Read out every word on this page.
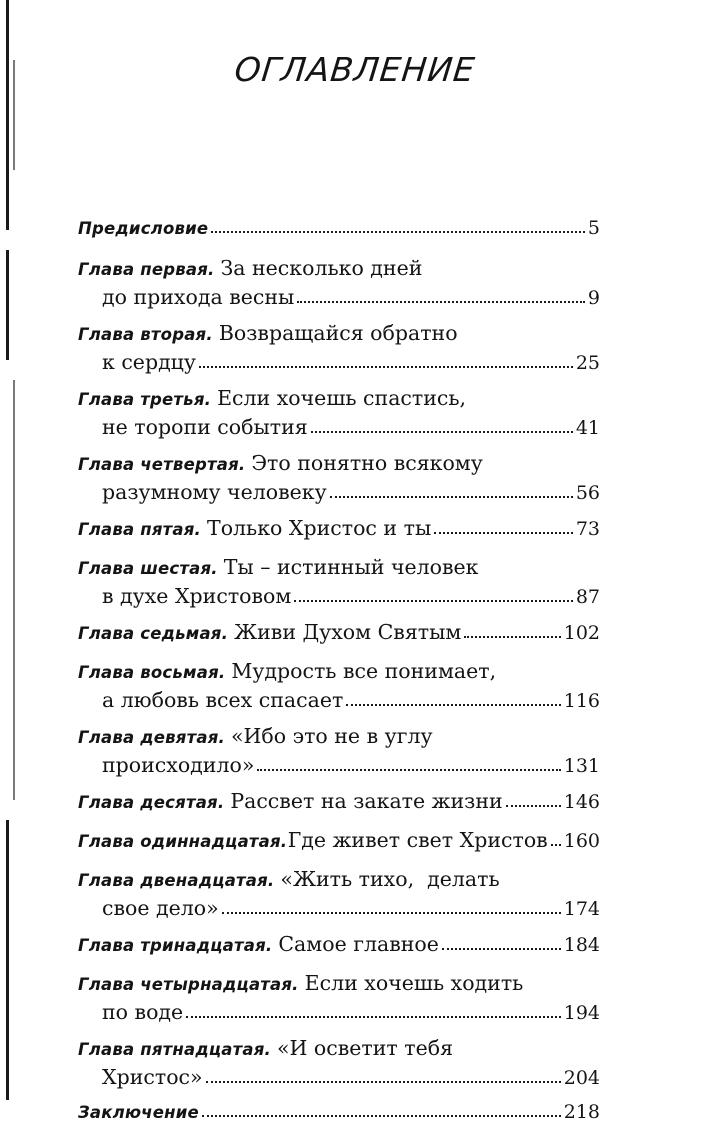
ОГЛАВЛЕНИЕ
Предисловие	5
Глава первая. За несколько дней
до прихода весны	9
Глава вторая. Возвращайся обратно
к сердцу	25
Глава третья. Если хочешь спастись,
не торопи события	41
Глава четвертая. Это понятно всякому
разумному человеку	56
Глава пятая. Только Христос и ты	73
Глава шестая. Ты – истинный человек
в духе Христовом	87
Глава седьмая. Живи Духом Святым	102
Глава восьмая. Мудрость все понимает,
а любовь всех спасает	116
Глава девятая. «Ибо это не в углу
происходило»	131
Глава десятая. Рассвет на закате жизни	146
Глава одиннадцатая. Где живет свет Христов 160
Глава двенадцатая. «Жить тихо,  делать
свое дело»	174
Глава тринадцатая. Самое главное	184
Глава четырнадцатая. Если хочешь ходить
по воде	194
Глава пятнадцатая. «И осветит тебя
Христос»	204
Заключение	218
